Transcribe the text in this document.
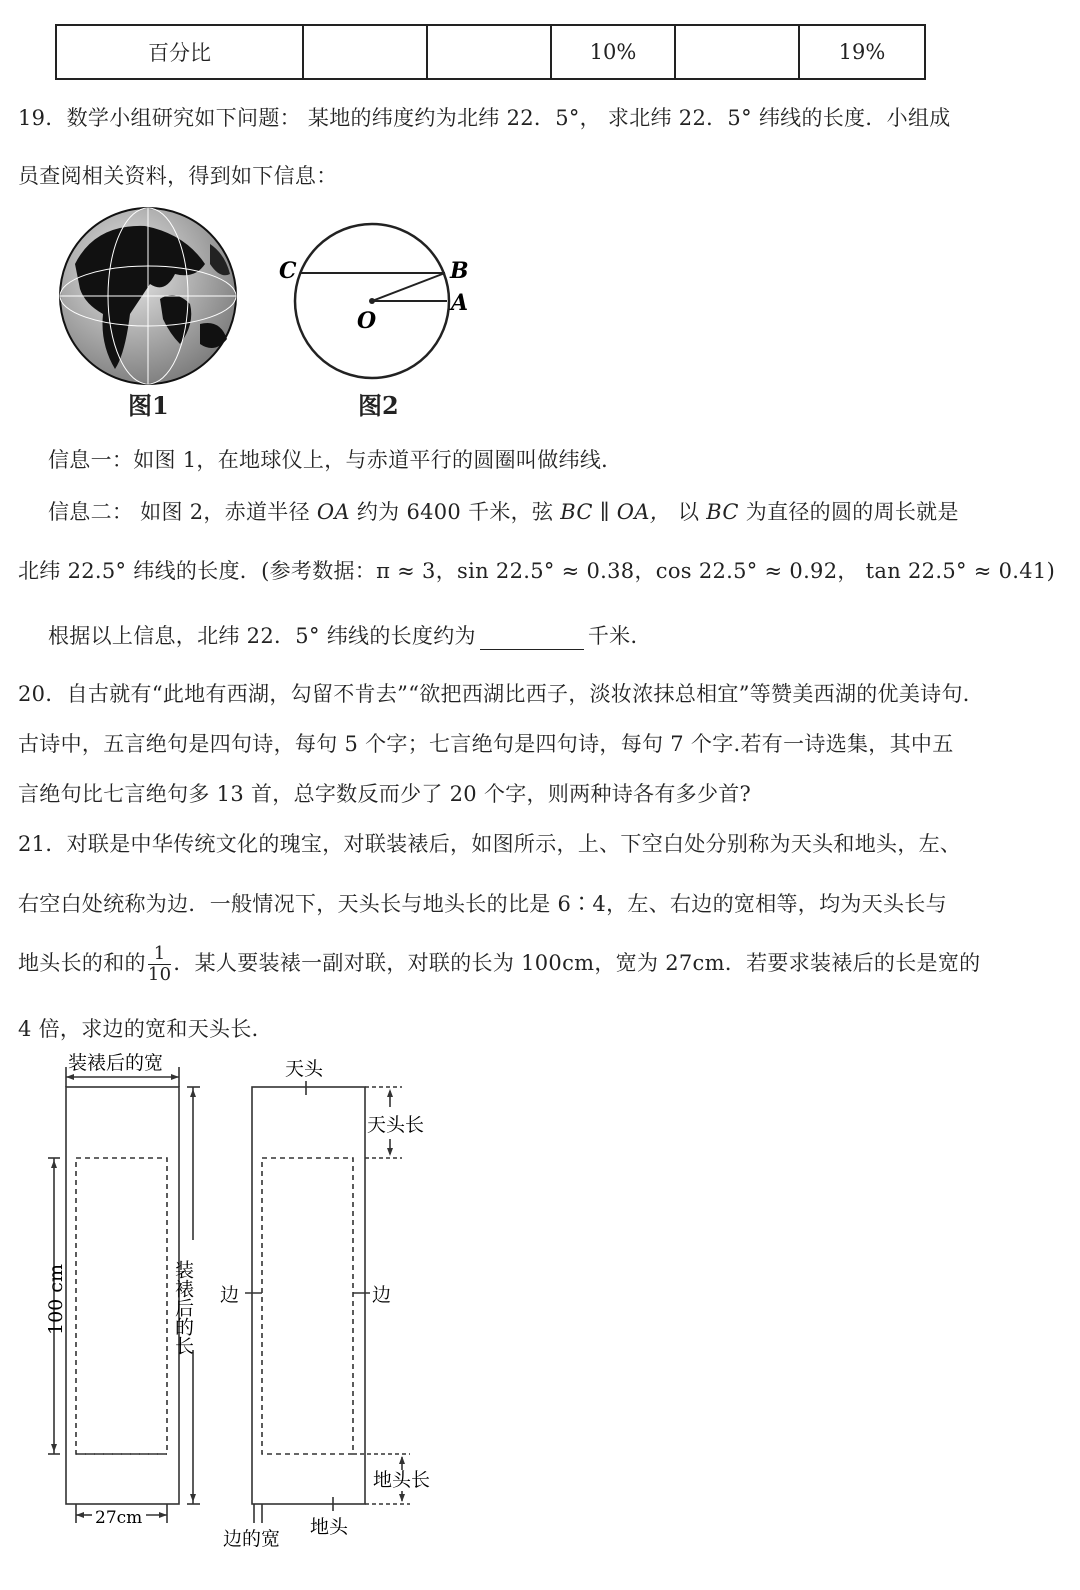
百分比			10%		19%
19．数学小组研究如下问题： 某地的纬度约为北纬 22．5°， 求北纬 22．5° 纬线的长度．小组成
员查阅相关资料，得到如下信息：
图1
C	B
A
O
图2
信息一：如图 1，在地球仪上，与赤道平行的圆圈叫做纬线．
信息二： 如图 2，赤道半径 OA 约为 6400 千米，弦 BC ∥ OA， 以 BC 为直径的圆的周长就是
北纬 22.5° 纬线的长度．(参考数据：π ≈ 3，sin 22.5° ≈ 0.38，cos 22.5° ≈ 0.92， tan 22.5° ≈ 0.41)
根据以上信息，北纬 22．5° 纬线的长度约为	千米．
20．自古就有“此地有西湖，勾留不肯去”“欲把西湖比西子，淡妆浓抹总相宜”等赞美西湖的优美诗句．
古诗中，五言绝句是四句诗，每句 5 个字；七言绝句是四句诗，每句 7 个字.若有一诗选集，其中五
言绝句比七言绝句多 13 首，总字数反而少了 20 个字，则两种诗各有多少首?
21．对联是中华传统文化的瑰宝，对联装裱后，如图所示，上、下空白处分别称为天头和地头，左、
右空白处统称为边．一般情况下，天头长与地头长的比是 6∶4，左、右边的宽相等，均为天头长与
地头长的和的 $\frac{1}{10}$ ．某人要装裱一副对联，对联的长为 100cm，宽为 27cm．若要求装裱后的长是宽的
4 倍，求边的宽和天头长．
装裱后的宽
100 cm	装裱后的长
27cm
天头
天头长
边	边
地头长
边的宽
地头
